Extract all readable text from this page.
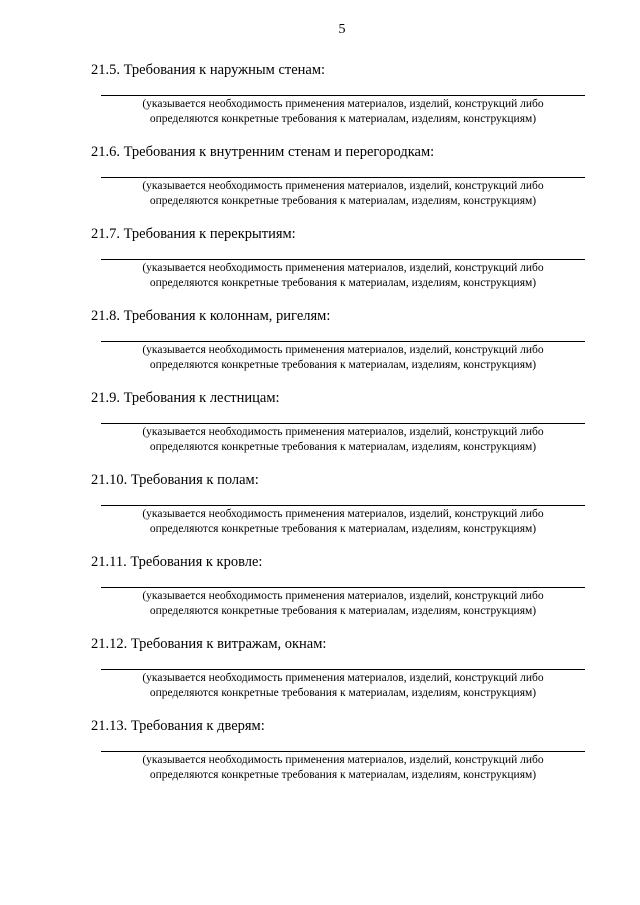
5
21.5. Требования к наружным стенам:
(указывается необходимость применения материалов, изделий, конструкций либо
определяются конкретные требования к материалам, изделиям, конструкциям)
21.6. Требования к внутренним стенам и перегородкам:
(указывается необходимость применения материалов, изделий, конструкций либо
определяются конкретные требования к материалам, изделиям, конструкциям)
21.7. Требования к перекрытиям:
(указывается необходимость применения материалов, изделий, конструкций либо
определяются конкретные требования к материалам, изделиям, конструкциям)
21.8. Требования к колоннам, ригелям:
(указывается необходимость применения материалов, изделий, конструкций либо
определяются конкретные требования к материалам, изделиям, конструкциям)
21.9. Требования к лестницам:
(указывается необходимость применения материалов, изделий, конструкций либо
определяются конкретные требования к материалам, изделиям, конструкциям)
21.10. Требования к полам:
(указывается необходимость применения материалов, изделий, конструкций либо
определяются конкретные требования к материалам, изделиям, конструкциям)
21.11. Требования к кровле:
(указывается необходимость применения материалов, изделий, конструкций либо
определяются конкретные требования к материалам, изделиям, конструкциям)
21.12. Требования к витражам, окнам:
(указывается необходимость применения материалов, изделий, конструкций либо
определяются конкретные требования к материалам, изделиям, конструкциям)
21.13. Требования к дверям:
(указывается необходимость применения материалов, изделий, конструкций либо
определяются конкретные требования к материалам, изделиям, конструкциям)
